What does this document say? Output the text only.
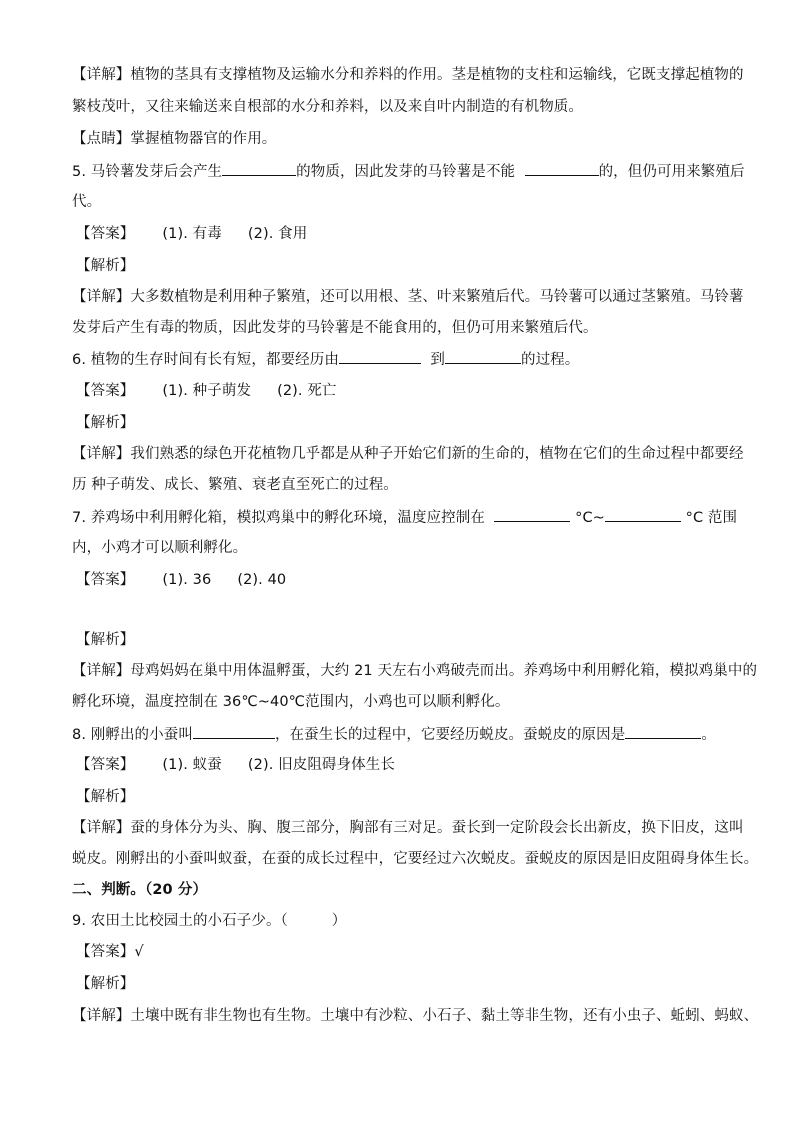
【详解】植物的茎具有支撑植物及运输水分和养料的作用。茎是植物的支柱和运输线，它既支撑起植物的
繁枝茂叶，又往来输送来自根部的水分和养料，以及来自叶内制造的有机物质。
【点睛】掌握植物器官的作用。
5. 马铃薯发芽后会产生	的物质，因此发芽的马铃薯是不能	的，但仍可用来繁殖后
代。
【答案】 (1). 有毒 (2). 食用
【解析】
【详解】大多数植物是利用种子繁殖，还可以用根、茎、叶来繁殖后代。马铃薯可以通过茎繁殖。马铃薯
发芽后产生有毒的物质，因此发芽的马铃薯是不能食用的，但仍可用来繁殖后代。
6. 植物的生存时间有长有短，都要经历由	到	的过程。
【答案】 (1). 种子萌发 (2). 死亡
【解析】
【详解】我们熟悉的绿色开花植物几乎都是从种子开始它们新的生命的，植物在它们的生命过程中都要经
历 种子萌发、成长、繁殖、衰老直至死亡的过程。
7. 养鸡场中利用孵化箱，模拟鸡巢中的孵化环境，温度应控制在	°C~	°C 范围
内，小鸡才可以顺利孵化。
【答案】 (1). 36 (2). 40
【解析】
【详解】母鸡妈妈在巢中用体温孵蛋，大约 21 天左右小鸡破壳而出。养鸡场中利用孵化箱，模拟鸡巢中的
孵化环境，温度控制在 36℃~40℃范围内，小鸡也可以顺利孵化。
8. 刚孵出的小蚕叫	，在蚕生长的过程中，它要经历蜕皮。蚕蜕皮的原因是	。
【答案】 (1). 蚁蚕 (2). 旧皮阻碍身体生长
【解析】
【详解】蚕的身体分为头、胸、腹三部分，胸部有三对足。蚕长到一定阶段会长出新皮，换下旧皮，这叫
蜕皮。刚孵出的小蚕叫蚁蚕，在蚕的成长过程中，它要经过六次蜕皮。蚕蜕皮的原因是旧皮阻碍身体生长。
二、判断。（20 分）
9. 农田土比校园土的小石子少。（　　　）
【答案】√
【解析】
【详解】土壤中既有非生物也有生物。土壤中有沙粒、小石子、黏土等非生物，还有小虫子、蚯蚓、蚂蚁、
